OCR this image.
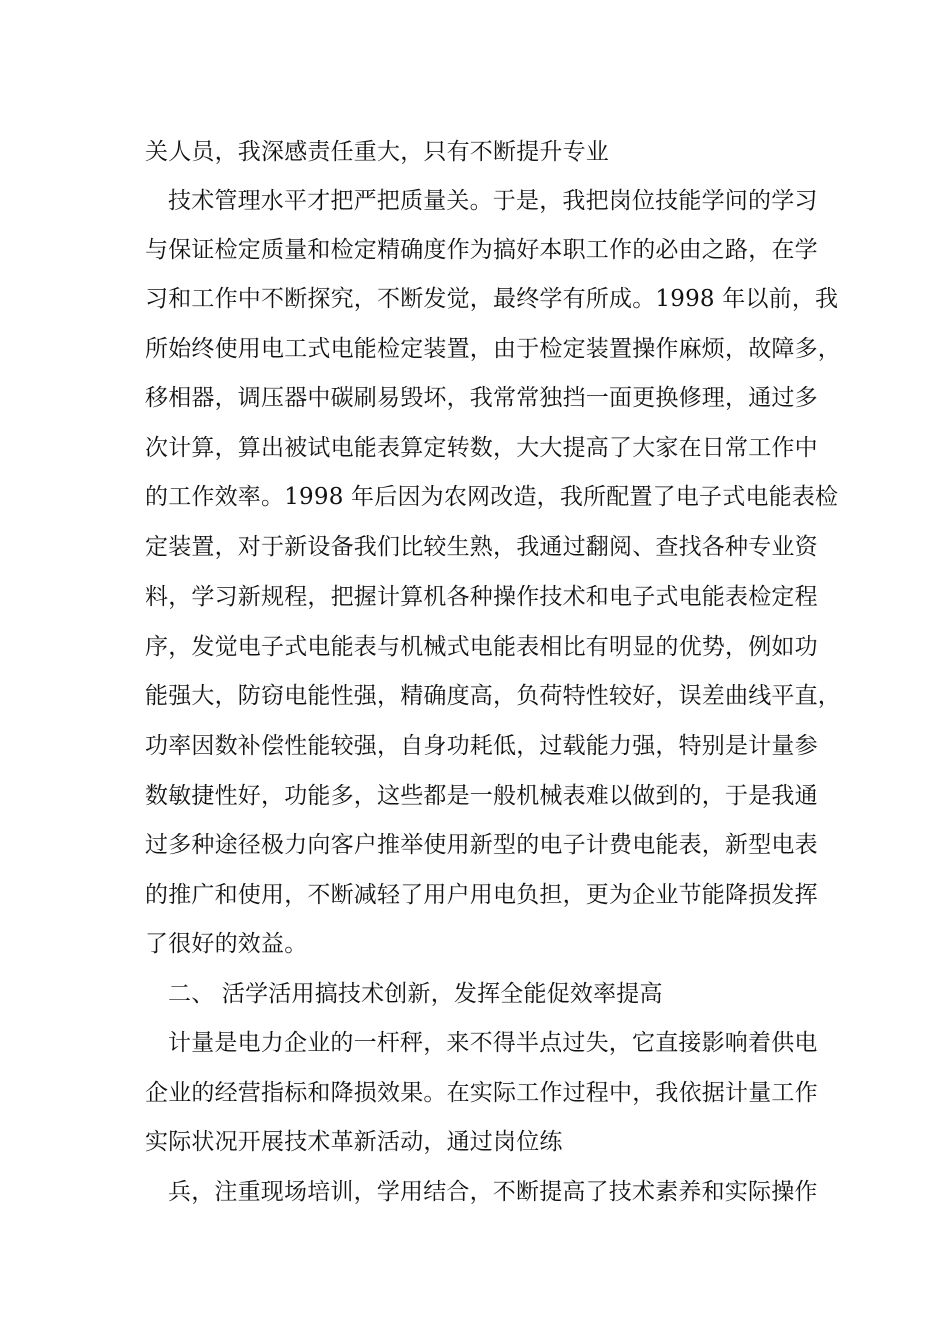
关人员，我深感责任重大，只有不断提升专业
技术管理水平才把严把质量关。于是，我把岗位技能学问的学习
与保证检定质量和检定精确度作为搞好本职工作的必由之路，在学
习和工作中不断探究，不断发觉，最终学有所成。1998 年以前，我
所始终使用电工式电能检定装置，由于检定装置操作麻烦，故障多，
移相器，调压器中碳刷易毁坏，我常常独挡一面更换修理，通过多
次计算，算出被试电能表算定转数，大大提高了大家在日常工作中
的工作效率。1998 年后因为农网改造，我所配置了电子式电能表检
定装置，对于新设备我们比较生熟，我通过翻阅、查找各种专业资
料，学习新规程，把握计算机各种操作技术和电子式电能表检定程
序，发觉电子式电能表与机械式电能表相比有明显的优势，例如功
能强大，防窃电能性强，精确度高，负荷特性较好，误差曲线平直，
功率因数补偿性能较强，自身功耗低，过载能力强，特别是计量参
数敏捷性好，功能多，这些都是一般机械表难以做到的，于是我通
过多种途径极力向客户推举使用新型的电子计费电能表，新型电表
的推广和使用，不断减轻了用户用电负担，更为企业节能降损发挥
了很好的效益。
二、 活学活用搞技术创新，发挥全能促效率提高
计量是电力企业的一杆秤，来不得半点过失，它直接影响着供电
企业的经营指标和降损效果。在实际工作过程中，我依据计量工作
实际状况开展技术革新活动，通过岗位练
兵，注重现场培训，学用结合，不断提高了技术素养和实际操作
